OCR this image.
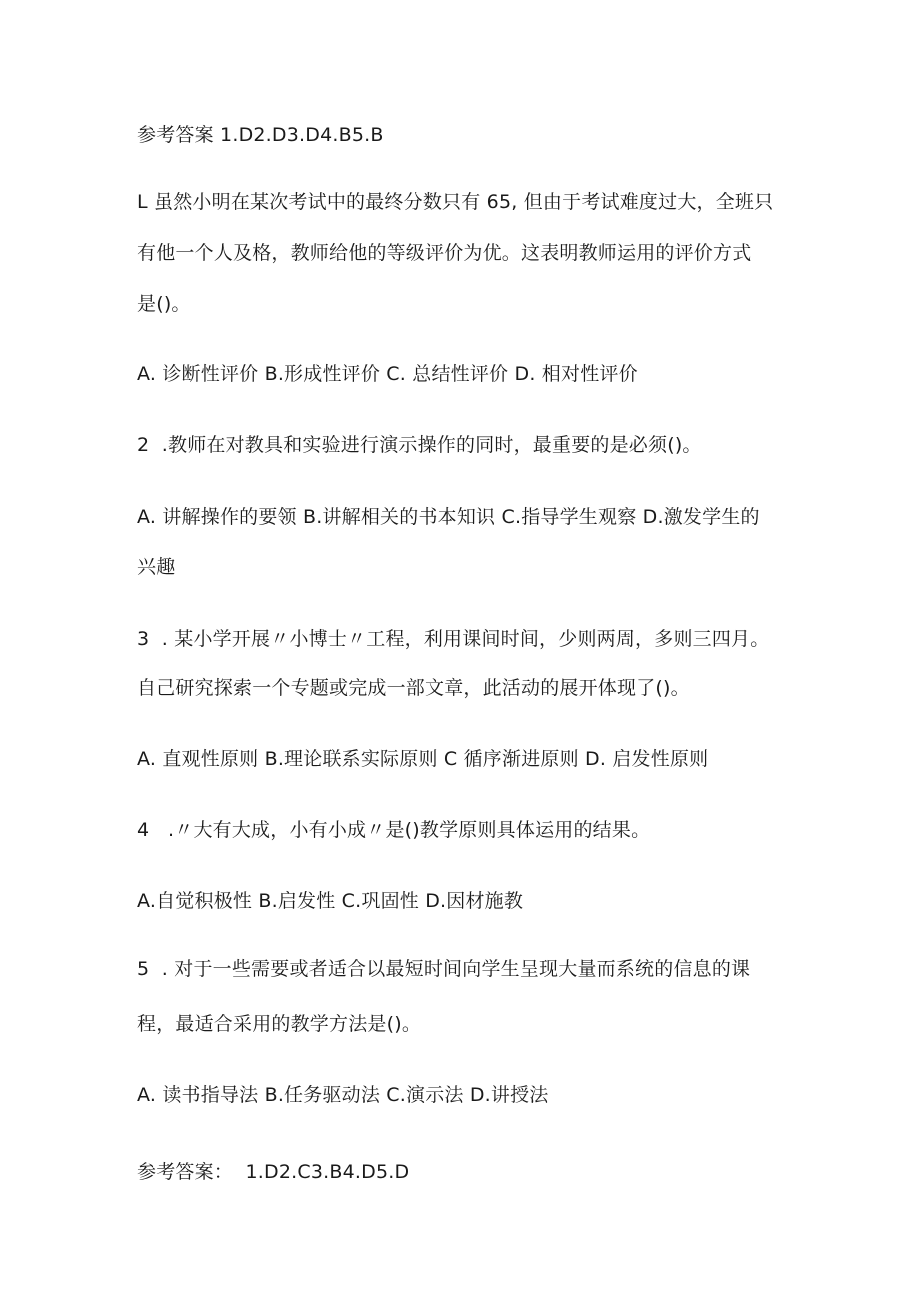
参考答案 1.D2.D3.D4.B5.B
L 虽然小明在某次考试中的最终分数只有 65, 但由于考试难度过大，全班只
有他一个人及格，教师给他的等级评价为优。这表明教师运用的评价方式
是()。
A. 诊断性评价 B.形成性评价 C. 总结性评价 D. 相对性评价
2  .教师在对教具和实验进行演示操作的同时，最重要的是必须()。
A. 讲解操作的要领 B.讲解相关的书本知识 C.指导学生观察 D.激发学生的
兴趣
3  . 某小学开展〃小博士〃工程，利用课间时间，少则两周，多则三四月。
自己研究探索一个专题或完成一部文章，此活动的展开体现了()。
A. 直观性原则 B.理论联系实际原则 C 循序渐进原则 D. 启发性原则
4   .〃大有大成，小有小成〃是()教学原则具体运用的结果。
A.自觉积极性 B.启发性 C.巩固性 D.因材施教
5  . 对于一些需要或者适合以最短时间向学生呈现大量而系统的信息的课
程，最适合采用的教学方法是()。
A. 读书指导法 B.任务驱动法 C.演示法 D.讲授法
参考答案：  1.D2.C3.B4.D5.D
